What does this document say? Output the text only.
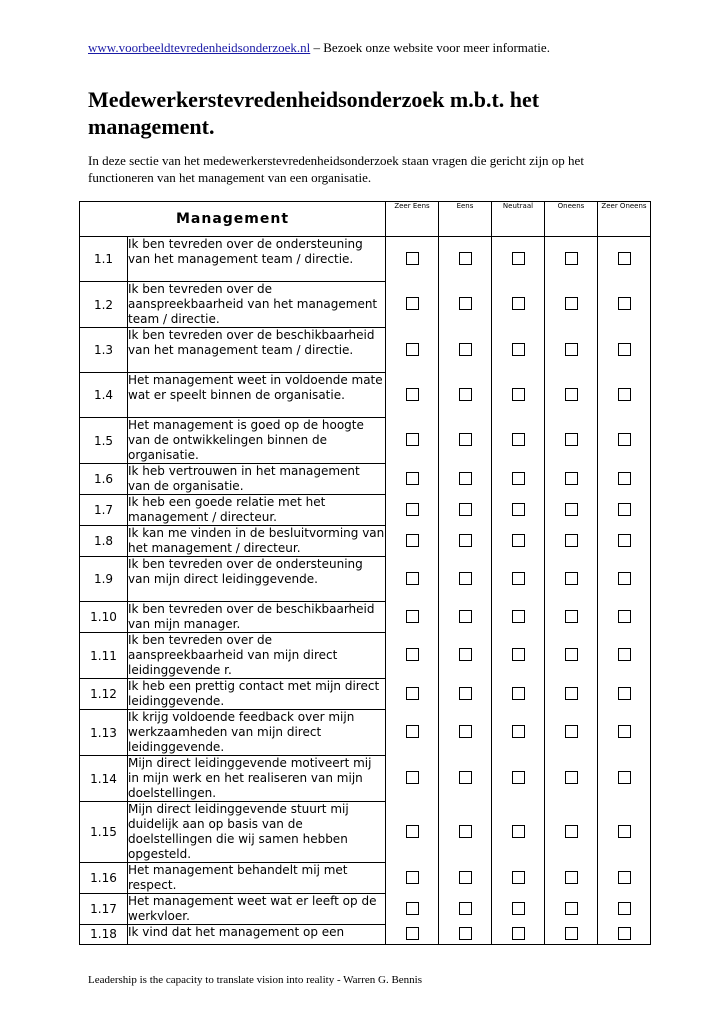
www.voorbeeldtevredenheidsonderzoek.nl – Bezoek onze website voor meer informatie.
Medewerkerstevredenheidsonderzoek m.b.t. het management.
In deze sectie van het medewerkerstevredenheidsonderzoek staan vragen die gericht zijn op het functioneren van het management van een organisatie.
Management		Zeer Eens	Eens	Neutraal	Oneens	Zeer Oneens
1.1	Ik ben tevreden over de ondersteuning van het management team / directie.					
1.2	Ik ben tevreden over de aanspreekbaarheid van het management team / directie.					
1.3	Ik ben tevreden over de beschikbaarheid van het management team / directie.					
1.4	Het management weet in voldoende mate wat er speelt binnen de organisatie.					
1.5	Het management is goed op de hoogte van de ontwikkelingen binnen de organisatie.					
1.6	Ik heb vertrouwen in het management van de organisatie.					
1.7	Ik heb een goede relatie met het management / directeur.					
1.8	Ik kan me vinden in de besluitvorming van het management / directeur.					
1.9	Ik ben tevreden over de ondersteuning van mijn direct leidinggevende.					
1.10	Ik ben tevreden over de beschikbaarheid van mijn manager.					
1.11	Ik ben tevreden over de aanspreekbaarheid van mijn direct leidinggevende r.					
1.12	Ik heb een prettig contact met mijn direct leidinggevende.					
1.13	Ik krijg voldoende feedback over mijn werkzaamheden van mijn direct leidinggevende.					
1.14	Mijn direct leidinggevende motiveert mij in mijn werk en het realiseren van mijn doelstellingen.					
1.15	Mijn direct leidinggevende stuurt mij duidelijk aan op basis van de doelstellingen die wij samen hebben opgesteld.					
1.16	Het management behandelt mij met respect.					
1.17	Het management weet wat er leeft op de werkvloer.					
1.18	Ik vind dat het management op een					
Leadership is the capacity to translate vision into reality - Warren G. Bennis
